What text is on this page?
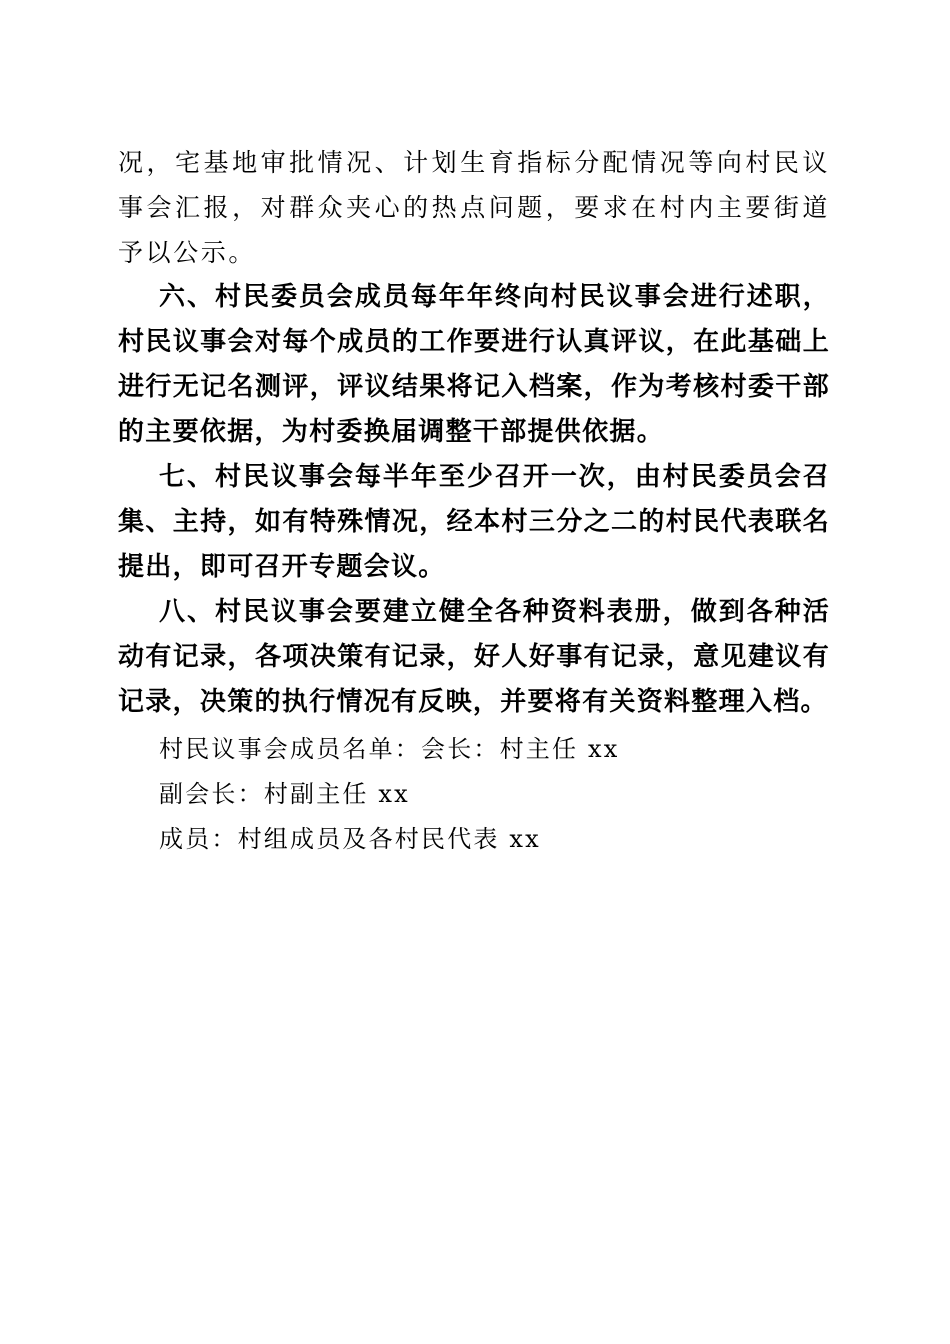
况，宅基地审批情况、计划生育指标分配情况等向村民议事会汇报，对群众夹心的热点问题，要求在村内主要街道予以公示。

六、村民委员会成员每年年终向村民议事会进行述职，村民议事会对每个成员的工作要进行认真评议，在此基础上进行无记名测评，评议结果将记入档案，作为考核村委干部的主要依据，为村委换届调整干部提供依据。

七、村民议事会每半年至少召开一次，由村民委员会召集、主持，如有特殊情况，经本村三分之二的村民代表联名提出，即可召开专题会议。

八、村民议事会要建立健全各种资料表册，做到各种活动有记录，各项决策有记录，好人好事有记录，意见建议有记录，决策的执行情况有反映，并要将有关资料整理入档。

村民议事会成员名单：会长：村主任 xx

副会长：村副主任 xx

成员：村组成员及各村民代表 xx
